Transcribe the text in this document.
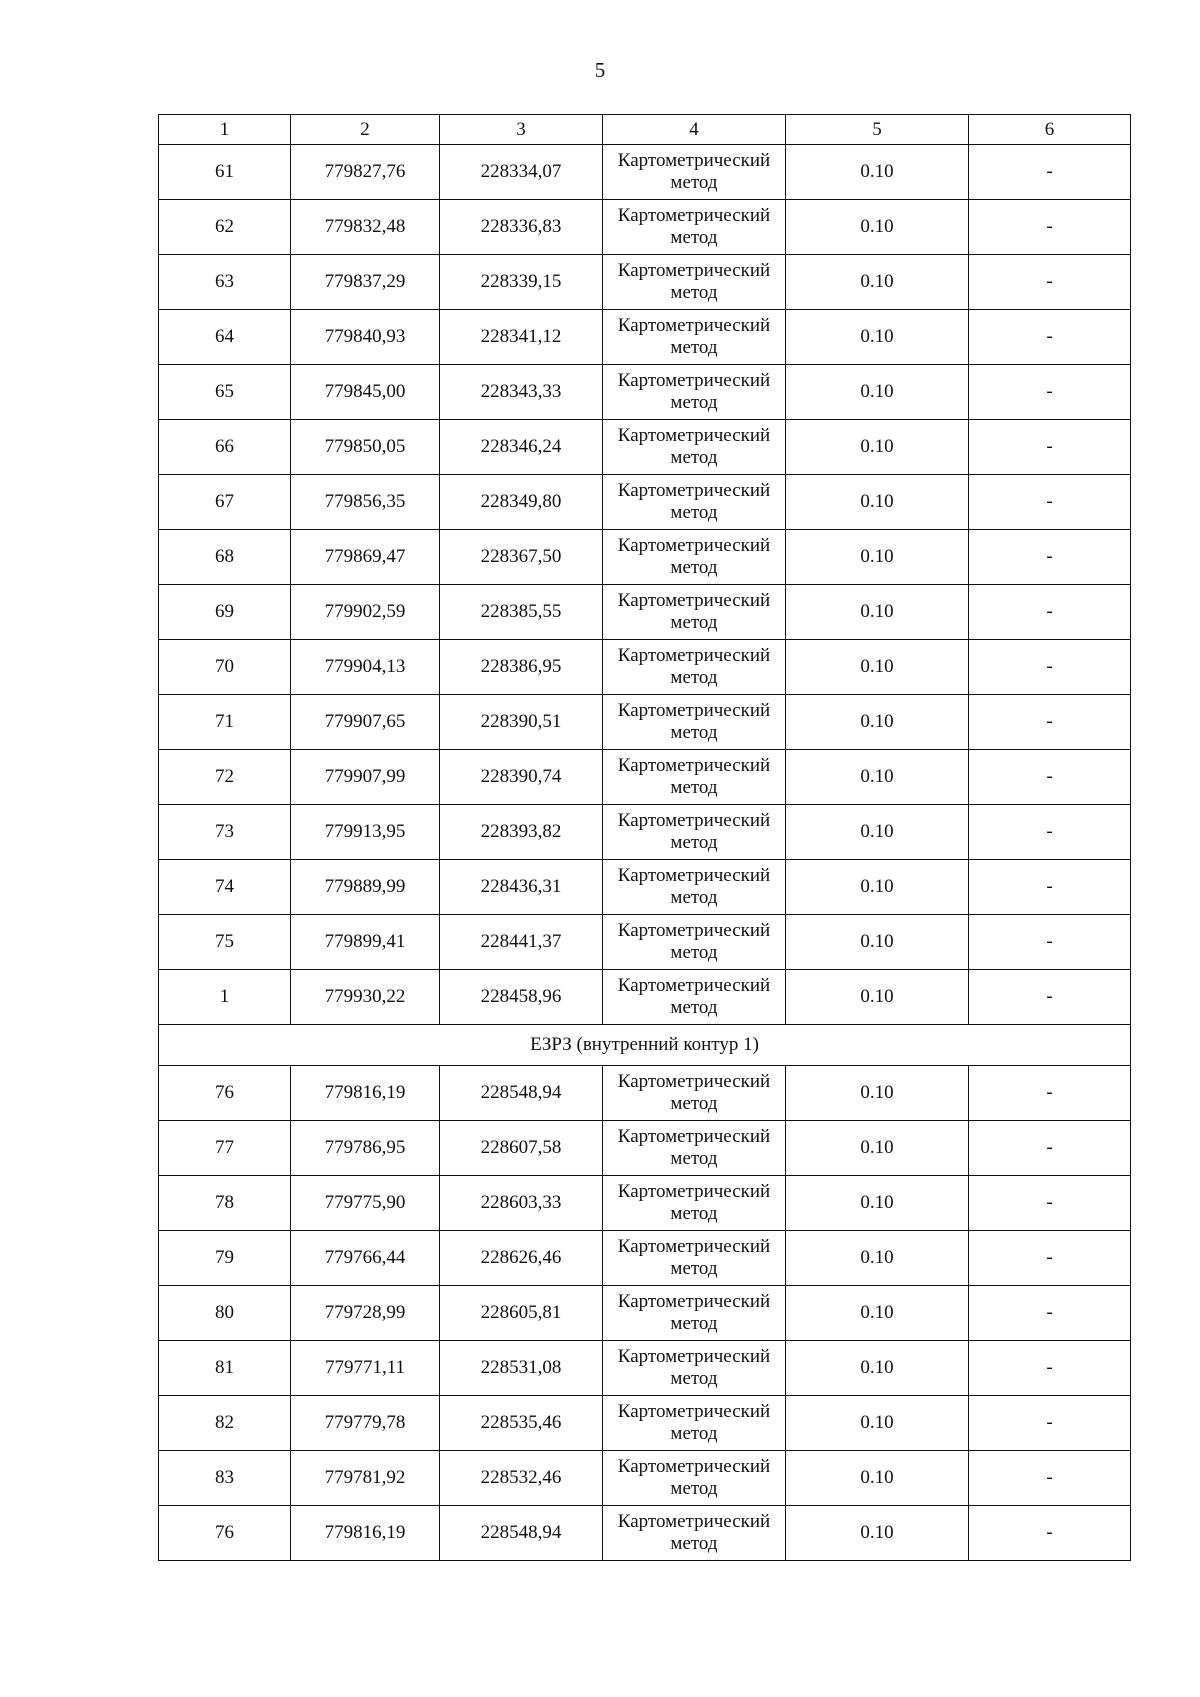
5
1	2	3	4	5	6
61	779827,76	228334,07	Картометрический метод	0.10	-
62	779832,48	228336,83	Картометрический метод	0.10	-
63	779837,29	228339,15	Картометрический метод	0.10	-
64	779840,93	228341,12	Картометрический метод	0.10	-
65	779845,00	228343,33	Картометрический метод	0.10	-
66	779850,05	228346,24	Картометрический метод	0.10	-
67	779856,35	228349,80	Картометрический метод	0.10	-
68	779869,47	228367,50	Картометрический метод	0.10	-
69	779902,59	228385,55	Картометрический метод	0.10	-
70	779904,13	228386,95	Картометрический метод	0.10	-
71	779907,65	228390,51	Картометрический метод	0.10	-
72	779907,99	228390,74	Картометрический метод	0.10	-
73	779913,95	228393,82	Картометрический метод	0.10	-
74	779889,99	228436,31	Картометрический метод	0.10	-
75	779899,41	228441,37	Картометрический метод	0.10	-
1	779930,22	228458,96	Картометрический метод	0.10	-
ЕЗРЗ (внутренний контур 1)					
76	779816,19	228548,94	Картометрический метод	0.10	-
77	779786,95	228607,58	Картометрический метод	0.10	-
78	779775,90	228603,33	Картометрический метод	0.10	-
79	779766,44	228626,46	Картометрический метод	0.10	-
80	779728,99	228605,81	Картометрический метод	0.10	-
81	779771,11	228531,08	Картометрический метод	0.10	-
82	779779,78	228535,46	Картометрический метод	0.10	-
83	779781,92	228532,46	Картометрический метод	0.10	-
76	779816,19	228548,94	Картометрический метод	0.10	-
